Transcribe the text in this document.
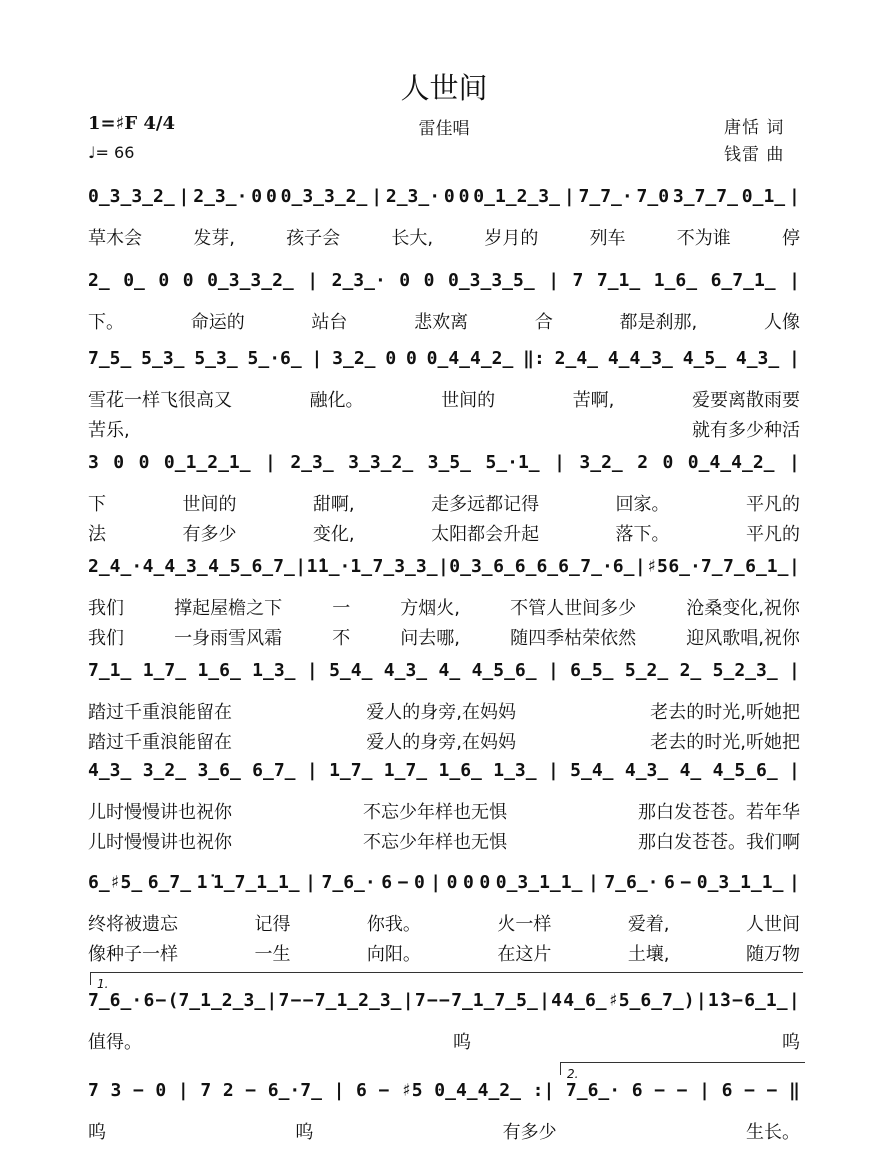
人世间
雷佳唱
1=♯F 4/4
♩= 66
唐恬 词
钱雷 曲
0̲3̲3̲2̲ | 2̲3̲· 0 0 0̲3̲3̲2̲ | 2̲3̲· 0 0 0̲1̲2̲3̲ | 7̲7̲· 7̲0 3̲7̲7̲ 0̲1̲ |
草木会	发芽,	孩子会	长大,	岁月的	列车	不为谁	停
2̲ 0̲ 0 0 0̲3̲3̲2̲ | 2̲3̲· 0 0 0̲3̲3̲5̲ | 7 7̲1̲ 1̲6̲ 6̲7̲1̲ |
下。	命运的	站台	悲欢离	合	都是刹那,	人像
7̲5̲ 5̲3̲ 5̲3̲ 5̲·6̲ | 3̲2̲ 0 0 0̲4̲4̲2̲ ‖: 2̲4̲ 4̲4̲3̲ 4̲5̲ 4̲3̲ |
雪花一样飞很高又	融化。	世间的	苦啊,	爱要离散雨要
苦乐,	就有多少种活
3 0 0 0̲1̲2̲1̲ | 2̲3̲ 3̲3̲2̲ 3̲5̲ 5̲·1̲ | 3̲2̲ 2 0 0̲4̲4̲2̲ |
下	世间的	甜啊,	走多远都记得	回家。	平凡的
法	有多少	变化,	太阳都会升起	落下。	平凡的
2̲4̲· 4̲4̲3̲ 4̲5̲6̲7̲ | 1̇ 1̲·1̲ 7̲3̲3̲ | 0̲3̲ 6̲6̲6̲6̲ 7̲·6̲ | ♯5 6̲·7̲ 7̲ 6̲1̲ |
我们	撑起屋檐之下	一	方烟火,	不管人世间多少	沧桑变化,祝你
我们	一身雨雪风霜	不	问去哪,	随四季枯荣依然	迎风歌唱,祝你
7̲1̲ 1̲7̲ 1̲6̲ 1̲3̲ | 5̲4̲ 4̲3̲ 4̲ 4̲5̲6̲ | 6̲5̲ 5̲2̲ 2̲ 5̲2̲3̲ |
踏过千重浪能留在	爱人的身旁,在妈妈	老去的时光,听她把
踏过千重浪能留在	爱人的身旁,在妈妈	老去的时光,听她把
4̲3̲ 3̲2̲ 3̲6̲ 6̲7̲ | 1̲7̲ 1̲7̲ 1̲6̲ 1̲3̲ | 5̲4̲ 4̲3̲ 4̲ 4̲5̲6̲ |
儿时慢慢讲也祝你	不忘少年样也无惧	那白发苍苍。若年华
儿时慢慢讲也祝你	不忘少年样也无惧	那白发苍苍。我们啊
6̲♯5̲ 6̲7̲ 1̇ 1̲7̲1̲1̲ | 7̲6̲· 6 − 0 | 0 0 0 0̲3̲1̲1̲ | 7̲6̲· 6 − 0̲3̲1̲1̲ |
终将被遗忘	记得	你我。	火一样	爱着,	人世间
像种子一样	一生	向阳。	在这片	土壤,	随万物
1.
7̲6̲· 6 − (7̲1̲2̲3̲ | 7 − − 7̲1̲2̲3̲ | 7 − − 7̲1̲7̲5̲ | 4 4̲6̲ ♯5̲6̲7̲) | 1̇ 3 − 6̲1̲ |
值得。	呜	呜
2.
7 3 − 0 | 7 2 − 6̲·7̲ | 6 − ♯5 0̲4̲4̲2̲ :| 7̲6̲· 6 − − | 6 − − ‖
呜	呜	有多少	生长。
